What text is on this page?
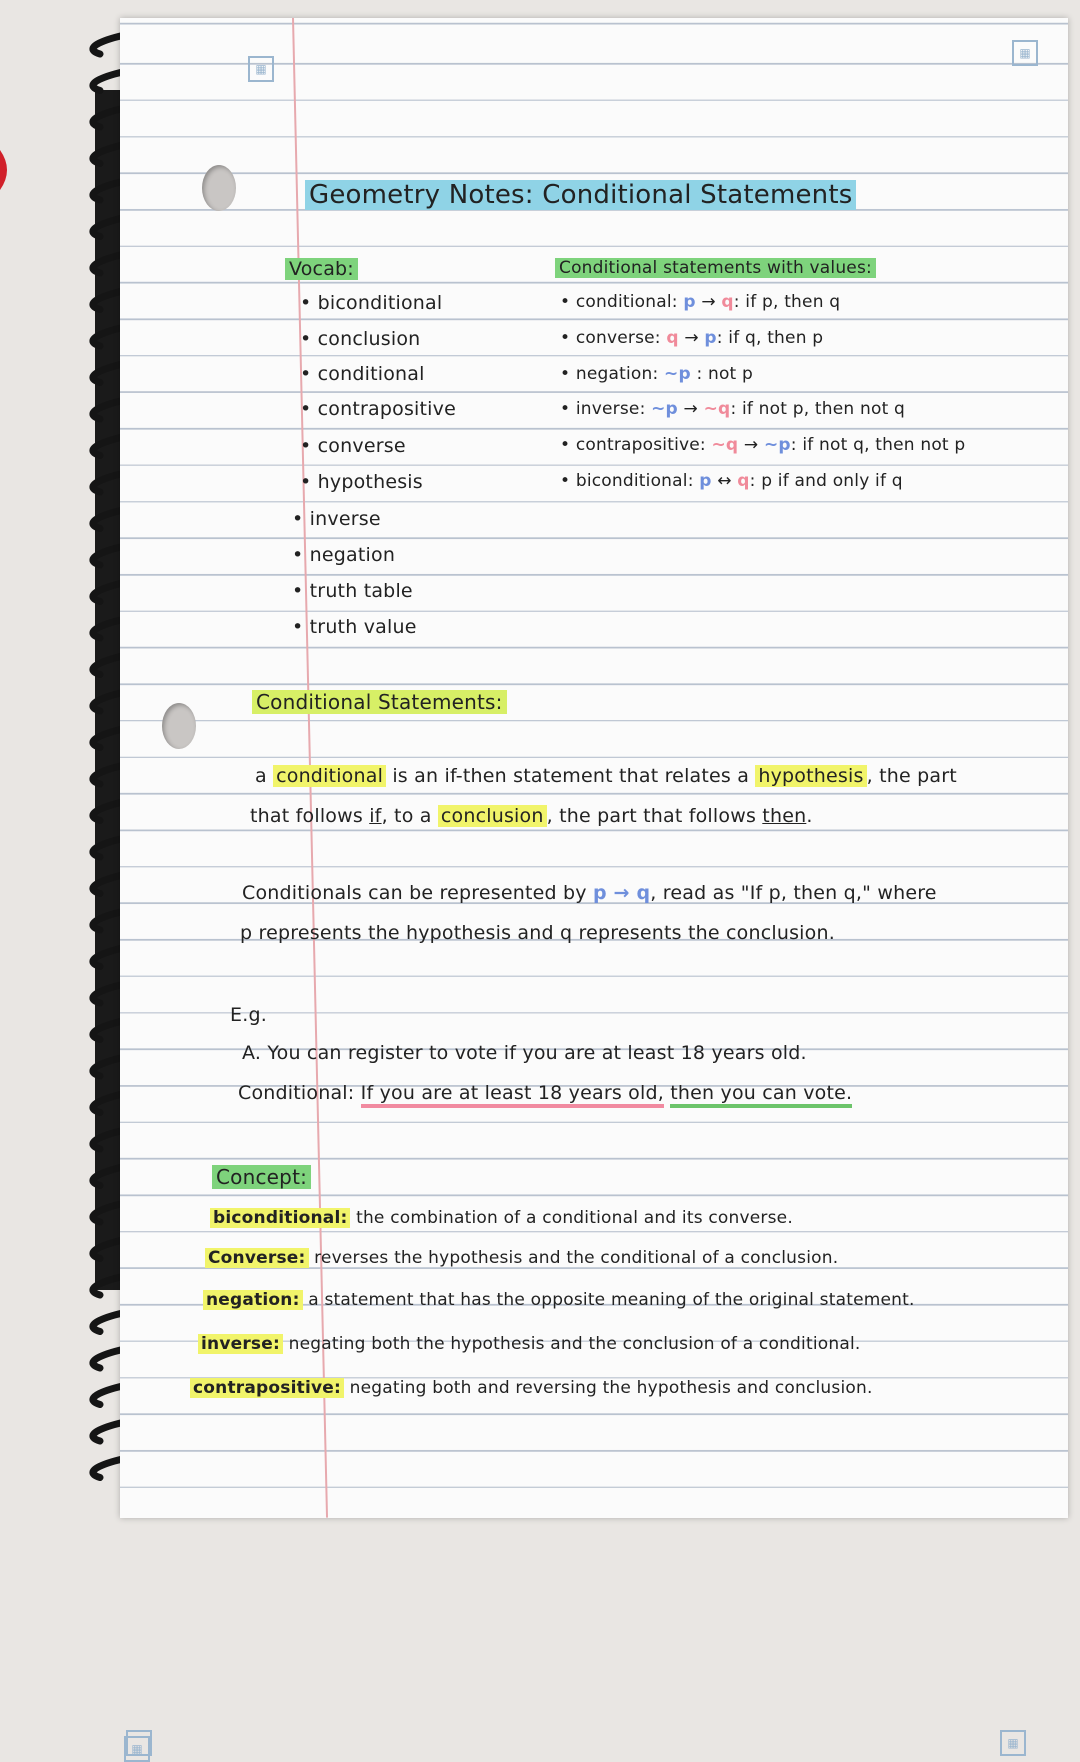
▦
▦
▦	▦
Geometry Notes: Conditional Statements
Vocab:	Conditional statements with values:
Conditional Statements:
a conditional is an if-then statement that relates a hypothesis , the part
that follows if, to a conclusion , the part that follows then.
Conditionals can be represented by p → q, read as "If p, then q," where
p represents the hypothesis and q represents the conclusion.
E.g.
A. You can register to vote if you are at least 18 years old.
Conditional: If you are at least 18 years old, then you can vote.
Concept:
• biconditional
• conclusion
• conditional
• contrapositive
• converse
• hypothesis
• inverse
• negation
• truth table
• truth value
• conditional: p → q: if p, then q
• converse: q → p: if q, then p
• negation: ~p : not p
• inverse: ~p → ~q: if not p, then not q
• contrapositive: ~q → ~p: if not q, then not p
• biconditional: p ↔ q: p if and only if q
biconditional: the combination of a conditional and its converse.
Converse: reverses the hypothesis and the conditional of a conclusion.
negation: a statement that has the opposite meaning of the original statement.
inverse: negating both the hypothesis and the conclusion of a conditional.
contrapositive: negating both and reversing the hypothesis and conclusion.
